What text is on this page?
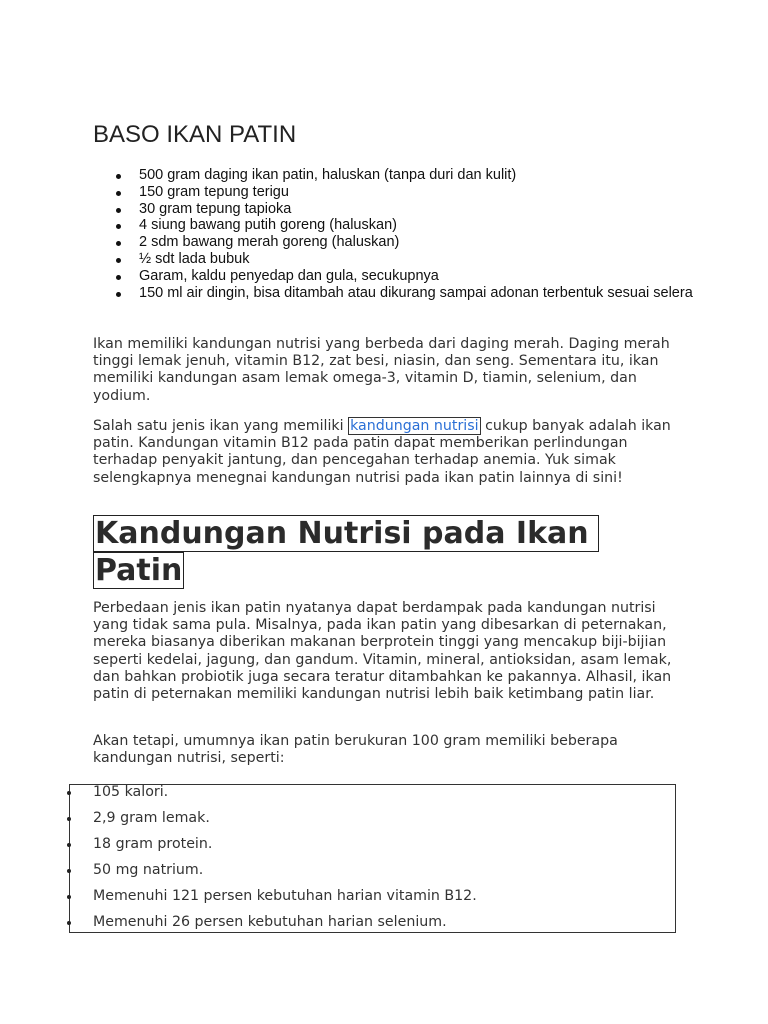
BASO IKAN PATIN
500 gram daging ikan patin, haluskan (tanpa duri dan kulit)
150 gram tepung terigu
30 gram tepung tapioka
4 siung bawang putih goreng (haluskan)
2 sdm bawang merah goreng (haluskan)
½ sdt lada bubuk
Garam, kaldu penyedap dan gula, secukupnya
150 ml air dingin, bisa ditambah atau dikurang sampai adonan terbentuk sesuai selera

Ikan memiliki kandungan nutrisi yang berbeda dari daging merah. Daging merah tinggi lemak jenuh, vitamin B12, zat besi, niasin, dan seng. Sementara itu, ikan memiliki kandungan asam lemak omega-3, vitamin D, tiamin, selenium, dan yodium.

Salah satu jenis ikan yang memiliki kandungan nutrisi cukup banyak adalah ikan patin. Kandungan vitamin B12 pada patin dapat memberikan perlindungan terhadap penyakit jantung, dan pencegahan terhadap anemia. Yuk simak selengkapnya menegnai kandungan nutrisi pada ikan patin lainnya di sini!

Kandungan Nutrisi pada Ikan
Patin

Perbedaan jenis ikan patin nyatanya dapat berdampak pada kandungan nutrisi yang tidak sama pula. Misalnya, pada ikan patin yang dibesarkan di peternakan, mereka biasanya diberikan makanan berprotein tinggi yang mencakup biji-bijian seperti kedelai, jagung, dan gandum. Vitamin, mineral, antioksidan, asam lemak, dan bahkan probiotik juga secara teratur ditambahkan ke pakannya. Alhasil, ikan patin di peternakan memiliki kandungan nutrisi lebih baik ketimbang patin liar.

Akan tetapi, umumnya ikan patin berukuran 100 gram memiliki beberapa kandungan nutrisi, seperti:

105 kalori.
2,9 gram lemak.
18 gram protein.
50 mg natrium.
Memenuhi 121 persen kebutuhan harian vitamin B12.
Memenuhi 26 persen kebutuhan harian selenium.
